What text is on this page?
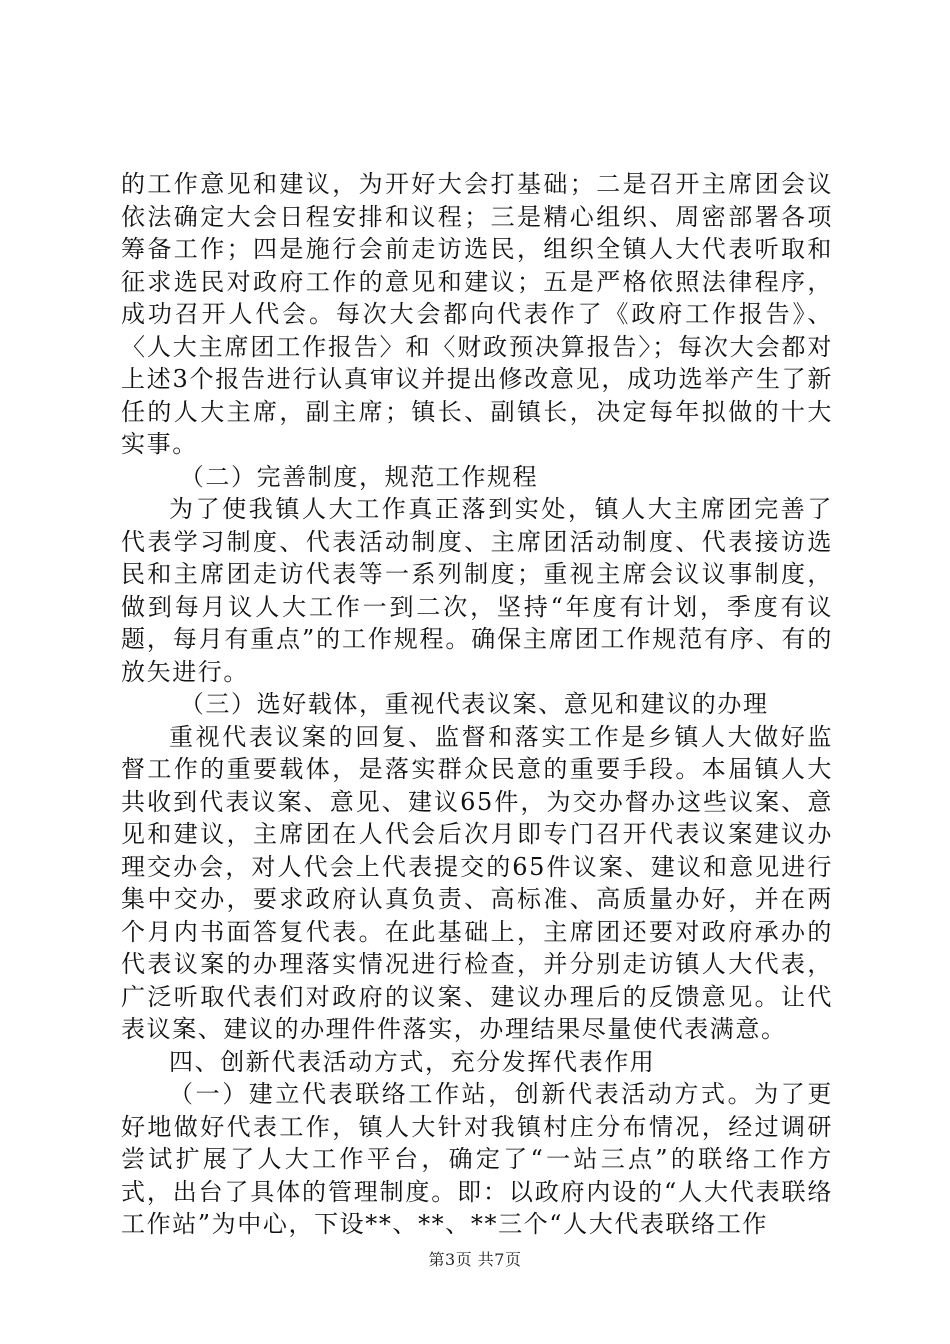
的工作意见和建议，为开好大会打基础；二是召开主席团会议依法确定大会日程安排和议程；三是精心组织、周密部署各项筹备工作；四是施行会前走访选民，组织全镇人大代表听取和征求选民对政府工作的意见和建议；五是严格依照法律程序，成功召开人代会。每次大会都向代表作了《政府工作报告》、〈人大主席团工作报告〉和〈财政预决算报告〉；每次大会都对上述3个报告进行认真审议并提出修改意见，成功选举产生了新任的人大主席，副主席；镇长、副镇长，决定每年拟做的十大实事。

（二）完善制度，规范工作规程

为了使我镇人大工作真正落到实处，镇人大主席团完善了代表学习制度、代表活动制度、主席团活动制度、代表接访选民和主席团走访代表等一系列制度；重视主席会议议事制度，做到每月议人大工作一到二次，坚持“年度有计划，季度有议题，每月有重点”的工作规程。确保主席团工作规范有序、有的放矢进行。

（三）选好载体，重视代表议案、意见和建议的办理

重视代表议案的回复、监督和落实工作是乡镇人大做好监督工作的重要载体，是落实群众民意的重要手段。本届镇人大共收到代表议案、意见、建议65件，为交办督办这些议案、意见和建议，主席团在人代会后次月即专门召开代表议案建议办理交办会，对人代会上代表提交的65件议案、建议和意见进行集中交办，要求政府认真负责、高标准、高质量办好，并在两个月内书面答复代表。在此基础上，主席团还要对政府承办的代表议案的办理落实情况进行检查，并分别走访镇人大代表，广泛听取代表们对政府的议案、建议办理后的反馈意见。让代表议案、建议的办理件件落实，办理结果尽量使代表满意。

四、创新代表活动方式，充分发挥代表作用

（一）建立代表联络工作站，创新代表活动方式。为了更好地做好代表工作，镇人大针对我镇村庄分布情况，经过调研尝试扩展了人大工作平台，确定了“一站三点”的联络工作方式，出台了具体的管理制度。即：以政府内设的“人大代表联络工作站”为中心，下设**、**、**三个“人大代表联络工作

第3页 共7页
